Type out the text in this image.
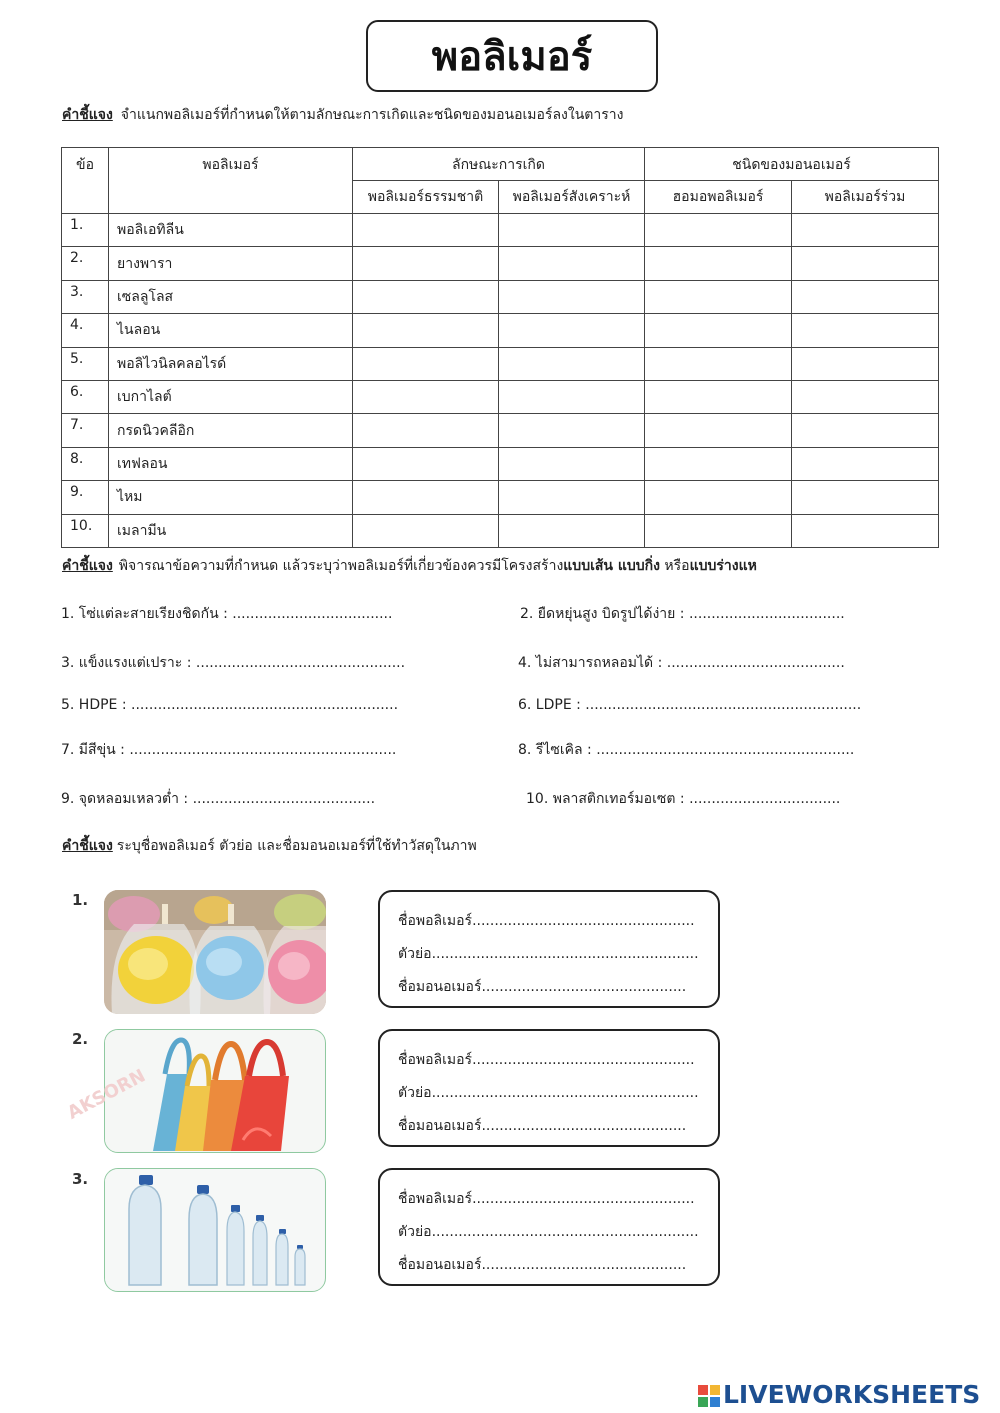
พอลิเมอร์
คำชี้แจง จำแนกพอลิเมอร์ที่กำหนดให้ตามลักษณะการเกิดและชนิดของมอนอเมอร์ลงในตาราง
ข้อ	พอลิเมอร์	ลักษณะการเกิด		ชนิดของมอนอเมอร์	
		พอลิเมอร์ธรรมชาติ	พอลิเมอร์สังเคราะห์	ฮอมอพอลิเมอร์	พอลิเมอร์ร่วม
1.	พอลิเอทิลีน				
2.	ยางพารา				
3.	เซลลูโลส				
4.	ไนลอน				
5.	พอลิไวนิลคลอไรด์				
6.	เบกาไลต์				
7.	กรดนิวคลีอิก				
8.	เทฟลอน				
9.	ไหม				
10.	เมลามีน				
คำชี้แจง พิจารณาข้อความที่กำหนด แล้วระบุว่าพอลิเมอร์ที่เกี่ยวข้องควรมีโครงสร้างแบบเส้น แบบกิ่ง หรือแบบร่างแห
1. โซ่แต่ละสายเรียงชิดกัน : ....................................	2. ยืดหยุ่นสูง บิดรูปได้ง่าย : ...................................
3. แข็งแรงแต่เปราะ : ...............................................	4. ไม่สามารถหลอมได้ : ........................................
5. HDPE : ............................................................	6. LDPE : ..............................................................
7. มีสีขุ่น : ............................................................	8. รีไซเคิล : ..........................................................
9. จุดหลอมเหลวต่ำ : .........................................	10. พลาสติกเทอร์มอเซต : ..................................
คำชี้แจง ระบุชื่อพอลิเมอร์ ตัวย่อ และชื่อมอนอเมอร์ที่ใช้ทำวัสดุในภาพ
1.
ชื่อพอลิเมอร์..................................................
ตัวย่อ............................................................
ชื่อมอนอเมอร์..............................................
2.
ชื่อพอลิเมอร์..................................................
ตัวย่อ............................................................
ชื่อมอนอเมอร์..............................................
3.
ชื่อพอลิเมอร์..................................................
ตัวย่อ............................................................
ชื่อมอนอเมอร์..............................................
AKSORN
LIVEWORKSHEETS
